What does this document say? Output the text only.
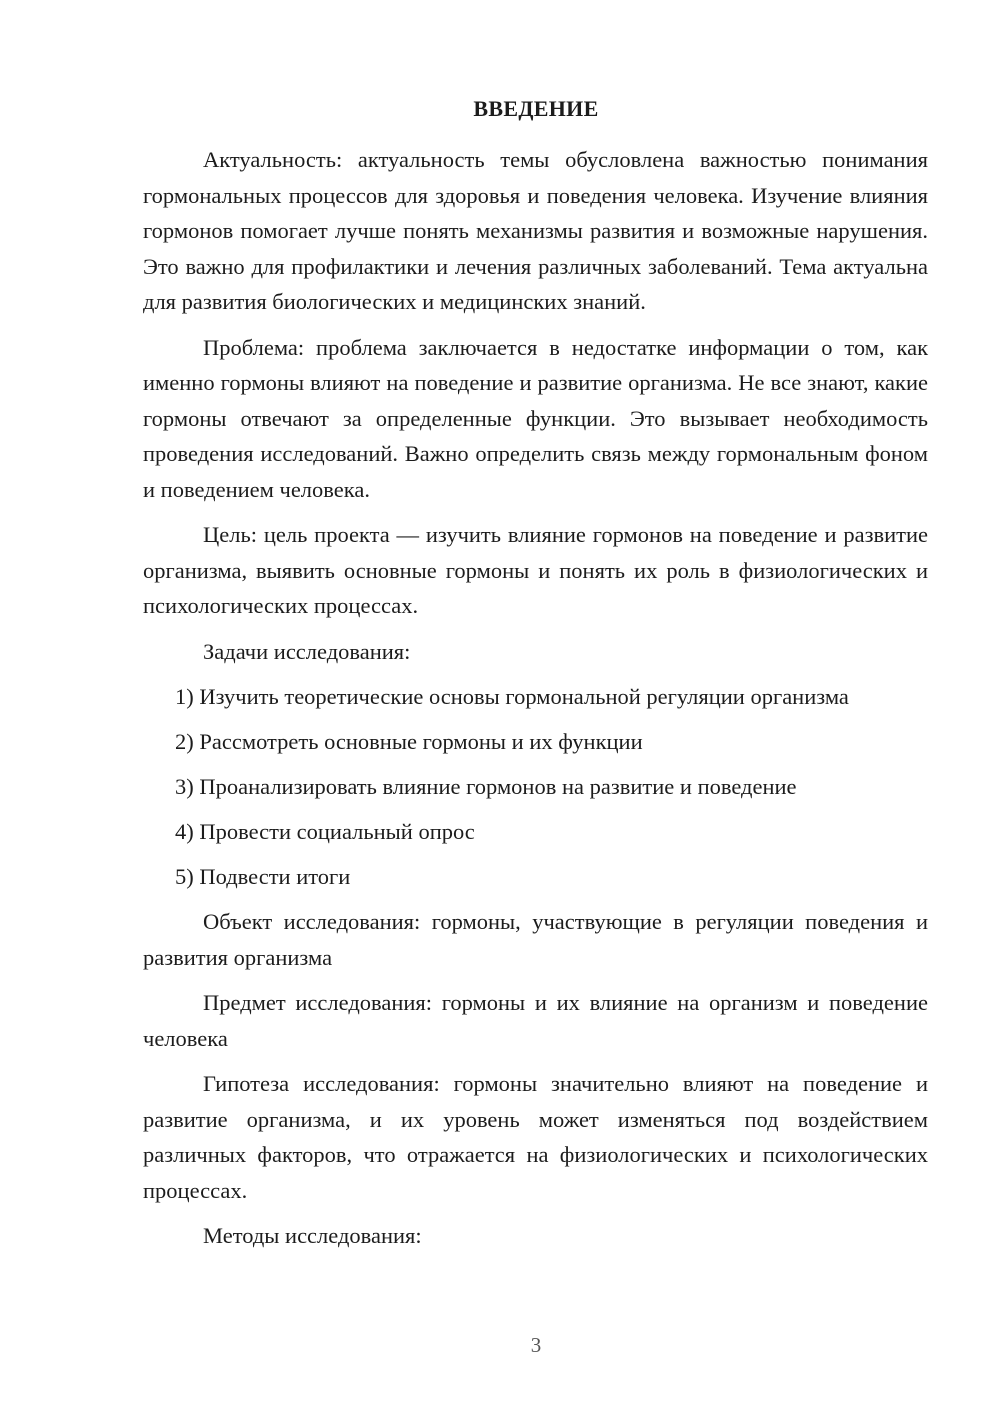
ВВЕДЕНИЕ

Актуальность: актуальность темы обусловлена важностью понимания гормональных процессов для здоровья и поведения человека. Изучение влияния гормонов помогает лучше понять механизмы развития и возможные нарушения. Это важно для профилактики и лечения различных заболеваний. Тема актуальна для развития биологических и медицинских знаний.

Проблема: проблема заключается в недостатке информации о том, как именно гормоны влияют на поведение и развитие организма. Не все знают, какие гормоны отвечают за определенные функции. Это вызывает необходимость проведения исследований. Важно определить связь между гормональным фоном и поведением человека.

Цель: цель проекта — изучить влияние гормонов на поведение и развитие организма, выявить основные гормоны и понять их роль в физиологических и психологических процессах.

Задачи исследования:

1) Изучить теоретические основы гормональной регуляции организма
2) Рассмотреть основные гормоны и их функции
3) Проанализировать влияние гормонов на развитие и поведение
4) Провести социальный опрос
5) Подвести итоги

Объект исследования: гормоны, участвующие в регуляции поведения и развития организма

Предмет исследования: гормоны и их влияние на организм и поведение человека

Гипотеза исследования: гормоны значительно влияют на поведение и развитие организма, и их уровень может изменяться под воздействием различных факторов, что отражается на физиологических и психологических процессах.

Методы исследования:

3
